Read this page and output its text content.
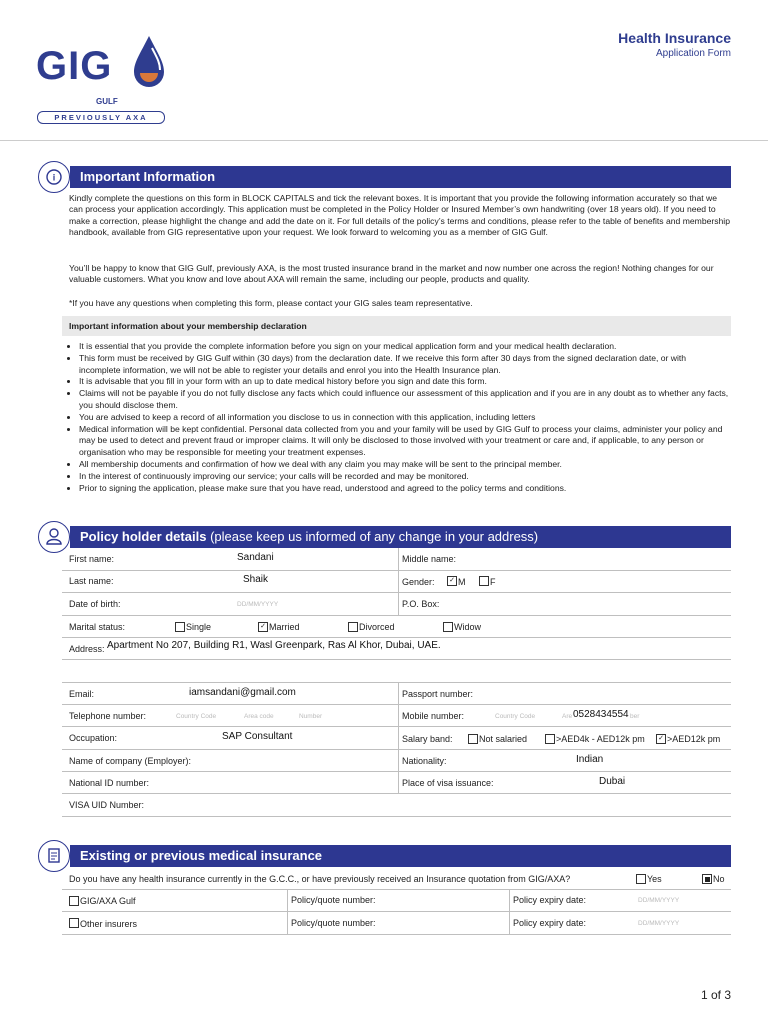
GIG
GULF
PREVIOUSLY AXA
Health Insurance
Application Form
i	Important Information
Kindly complete the questions on this form in BLOCK CAPITALS and tick the relevant boxes. It is important that you provide the following information accurately so that we can process your application accordingly. This application must be completed in the Policy Holder or Insured Member’s own handwriting (over 18 years old). If you need to make a correction, please highlight the change and add the date on it. For full details of the policy’s terms and conditions, please refer to the table of benefits and membership handbook, available from GIG representative upon your request. We look forward to welcoming you as a member of GIG Gulf.
You’ll be happy to know that GIG Gulf, previously AXA, is the most trusted insurance brand in the market and now number one across the region! Nothing changes for our valuable customers. What you know and love about AXA will remain the same, including our people, products and quality.
*If you have any questions when completing this form, please contact your GIG sales team representative.
Important information about your membership declaration
• It is essential that you provide the complete information before you sign on your medical application form and your medical health declaration.
• This form must be received by GIG Gulf within (30 days) from the declaration date. If we receive this form after 30 days from the signed declaration date, or with incomplete information, we will not be able to register your details and enrol you into the Health Insurance plan.
• It is advisable that you fill in your form with an up to date medical history before you sign and date this form.
• Claims will not be payable if you do not fully disclose any facts which could influence our assessment of this application and if you are in any doubt as to whether any facts, you should disclose them.
• You are advised to keep a record of all information you disclose to us in connection with this application, including letters
• Medical information will be kept confidential. Personal data collected from you and your family will be used by GIG Gulf to process your claims, administer your policy and may be used to detect and prevent fraud or improper claims. It will only be disclosed to those involved with your treatment or care and, if applicable, to any person or organisation who may be responsible for meeting your treatment expenses.
• All membership documents and confirmation of how we deal with any claim you may make will be sent to the principal member.
• In the interest of continuously improving our service; your calls will be recorded and may be monitored.
• Prior to signing the application, please make sure that you have read, understood and agreed to the policy terms and conditions.
Policy holder details (please keep us informed of any change in your address)
First name:	Sandani	Middle name:
Last name:	Shaik	Gender: ✓ M	F
Date of birth:	DD/MM/YYYY	P.O. Box:
Marital status:	Single	✓ Married	Divorced	Widow
Address: Apartment No 207, Building R1, Wasl Greenpark, Ras Al Khor, Dubai, UAE.
Email:	iamsandani@gmail.com	Passport number:
Telephone number:	Country Code	Area code	Number	Mobile number:	Country Code	Are 0528434554 ber
Occupation:	SAP Consultant	Salary band:	Not salaried	>AED4k - AED12k pm ✓ >AED12k pm
Name of company (Employer):	Nationality:	Indian
National ID number:	Place of visa issuance:	Dubai
VISA UID Number:
Existing or previous medical insurance
Do you have any health insurance currently in the G.C.C., or have previously received an Insurance quotation from GIG/AXA?	Yes	No
GIG/AXA Gulf	Policy/quote number:	Policy expiry date:	DD/MM/YYYY
Other insurers	Policy/quote number:	Policy expiry date:	DD/MM/YYYY
1 of 3
